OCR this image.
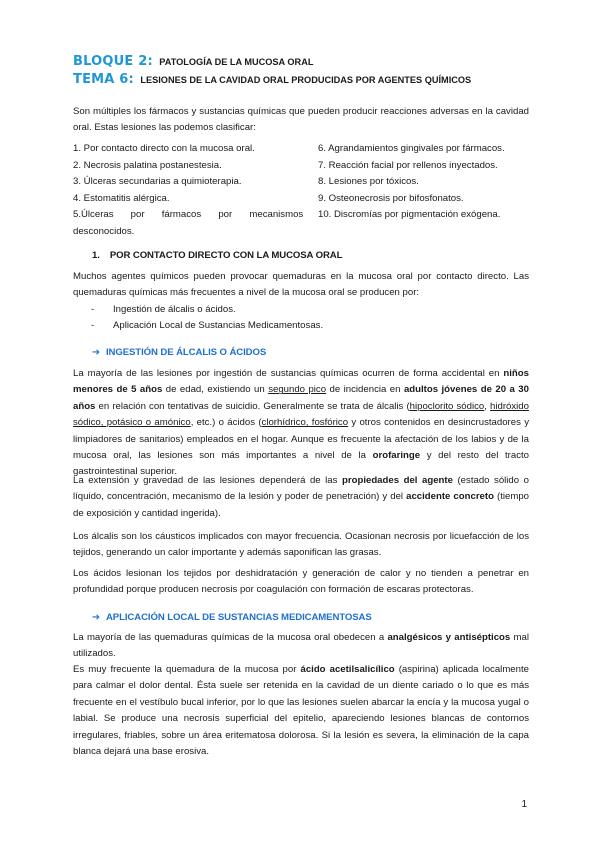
BLOQUE 2: PATOLOGÍA DE LA MUCOSA ORAL
TEMA 6: LESIONES DE LA CAVIDAD ORAL PRODUCIDAS POR AGENTES QUÍMICOS
Son múltiples los fármacos y sustancias químicas que pueden producir reacciones adversas en la cavidad oral. Estas lesiones las podemos clasificar:
1. Por contacto directo con la mucosa oral.
2. Necrosis palatina postanestesia.
3. Úlceras secundarias a quimioterapia.
4. Estomatitis alérgica.
5.Úlceras por fármacos por mecanismos
desconocidos.
6. Agrandamientos gingivales por fármacos.
7. Reacción facial por rellenos inyectados.
8. Lesiones por tóxicos.
9. Osteonecrosis por bifosfonatos.
10. Discromías por pigmentación exógena.
1. POR CONTACTO DIRECTO CON LA MUCOSA ORAL
Muchos agentes químicos pueden provocar quemaduras en la mucosa oral por contacto directo. Las quemaduras químicas más frecuentes a nivel de la mucosa oral se producen por:
- Ingestión de álcalis o ácidos.
- Aplicación Local de Sustancias Medicamentosas.
➔ INGESTIÓN DE ÁLCALIS O ÁCIDOS
La mayoría de las lesiones por ingestión de sustancias químicas ocurren de forma accidental en niños menores de 5 años de edad, existiendo un segundo pico de incidencia en adultos jóvenes de 20 a 30 años en relación con tentativas de suicidio. Generalmente se trata de álcalis (hipoclorito sódico, hidróxido sódico, potásico o amónico, etc.) o ácidos (clorhídrico, fosfórico y otros contenidos en desincrustadores y limpiadores de sanitarios) empleados en el hogar. Aunque es frecuente la afectación de los labios y de la mucosa oral, las lesiones son más importantes a nivel de la orofaringe y del resto del tracto gastrointestinal superior.
La extensión y gravedad de las lesiones dependerá de las propiedades del agente (estado sólido o líquido, concentración, mecanismo de la lesión y poder de penetración) y del accidente concreto (tiempo de exposición y cantidad ingerida).
Los álcalis son los cáusticos implicados con mayor frecuencia. Ocasionan necrosis por licuefacción de los tejidos, generando un calor importante y además saponifican las grasas.
Los ácidos lesionan los tejidos por deshidratación y generación de calor y no tienden a penetrar en profundidad porque producen necrosis por coagulación con formación de escaras protectoras.
➔ APLICACIÓN LOCAL DE SUSTANCIAS MEDICAMENTOSAS
La mayoría de las quemaduras químicas de la mucosa oral obedecen a analgésicos y antisépticos mal utilizados.
Es muy frecuente la quemadura de la mucosa por ácido acetilsalicílico (aspirina) aplicada localmente para calmar el dolor dental. Ésta suele ser retenida en la cavidad de un diente cariado o lo que es más frecuente en el vestíbulo bucal inferior, por lo que las lesiones suelen abarcar la encía y la mucosa yugal o labial. Se produce una necrosis superficial del epitelio, apareciendo lesiones blancas de contornos irregulares, friables, sobre un área eritematosa dolorosa. Si la lesión es severa, la eliminación de la capa blanca dejará una base erosiva.
1
